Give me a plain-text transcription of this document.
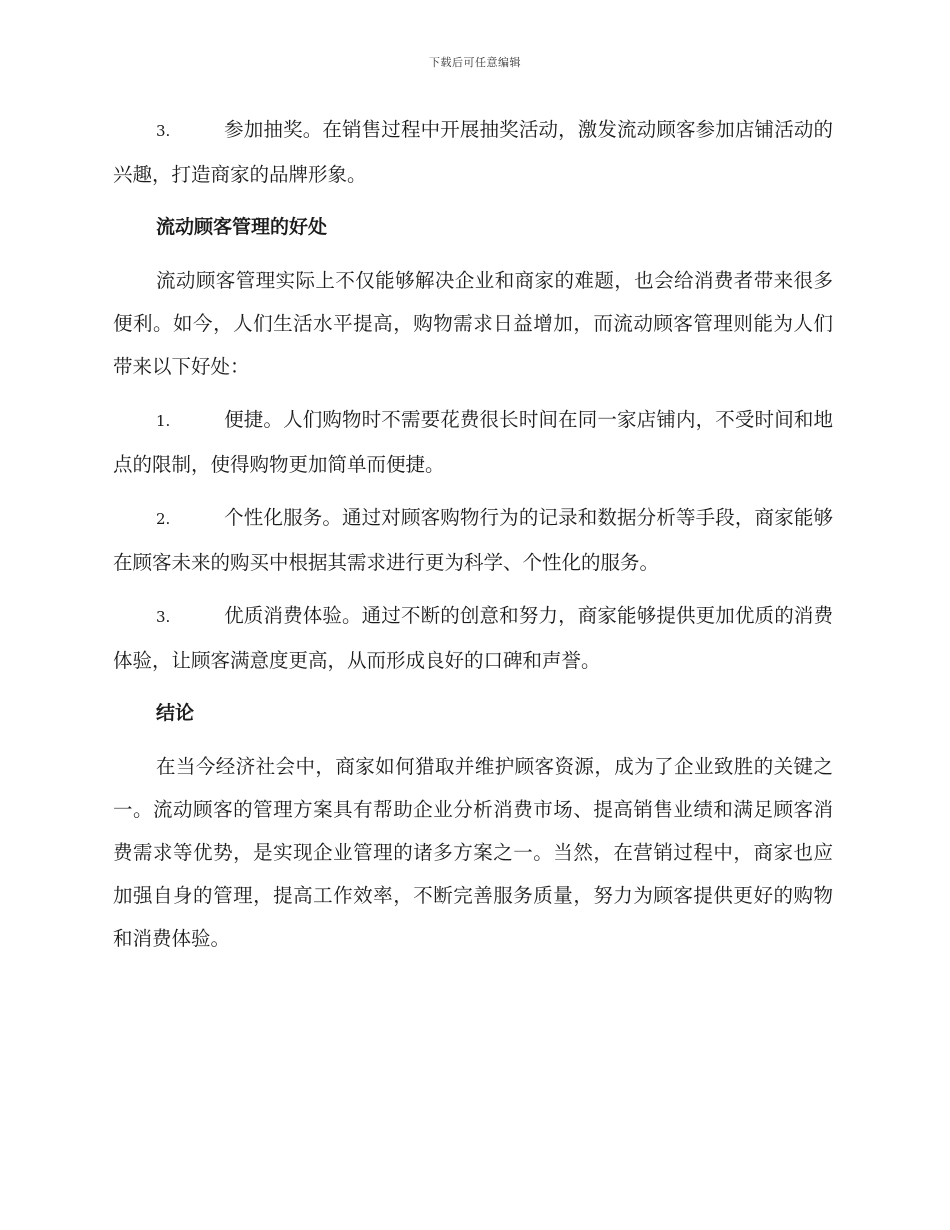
下载后可任意编辑

3.	参加抽奖。在销售过程中开展抽奖活动，激发流动顾客参加店铺活动的兴趣，打造商家的品牌形象。

流动顾客管理的好处

流动顾客管理实际上不仅能够解决企业和商家的难题，也会给消费者带来很多便利。如今，人们生活水平提高，购物需求日益增加，而流动顾客管理则能为人们带来以下好处：

1.	便捷。人们购物时不需要花费很长时间在同一家店铺内，不受时间和地点的限制，使得购物更加简单而便捷。

2.	个性化服务。通过对顾客购物行为的记录和数据分析等手段，商家能够在顾客未来的购买中根据其需求进行更为科学、个性化的服务。

3.	优质消费体验。通过不断的创意和努力，商家能够提供更加优质的消费体验，让顾客满意度更高，从而形成良好的口碑和声誉。

结论

在当今经济社会中，商家如何猎取并维护顾客资源，成为了企业致胜的关键之一。流动顾客的管理方案具有帮助企业分析消费市场、提高销售业绩和满足顾客消费需求等优势，是实现企业管理的诸多方案之一。当然，在营销过程中，商家也应加强自身的管理，提高工作效率，不断完善服务质量，努力为顾客提供更好的购物和消费体验。
